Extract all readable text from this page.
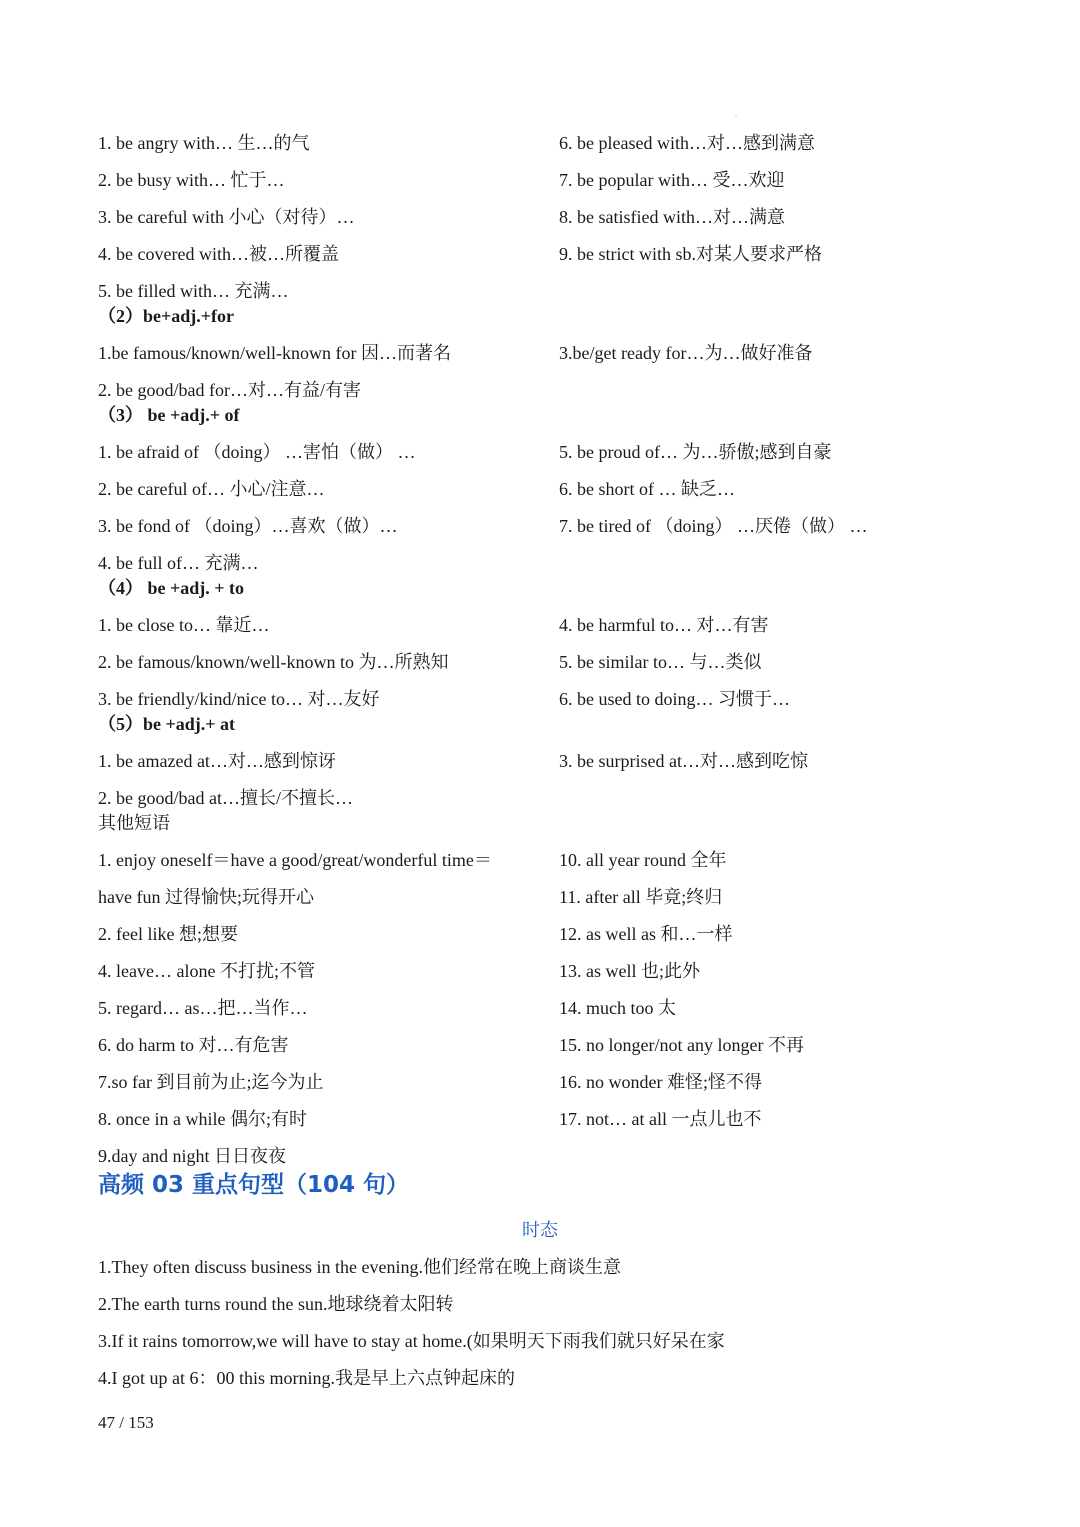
1. be angry with… 生…的气
2. be busy with… 忙于…
3. be careful with 小心（对待）…
4. be covered with…被…所覆盖
5. be filled with… 充满…
6. be pleased with…对…感到满意
7. be popular with… 受…欢迎
8. be satisfied with…对…满意
9. be strict with sb.对某人要求严格
（2）be+adj.+for
1.be famous/known/well-known for 因…而著名
2. be good/bad for…对…有益/有害
3.be/get ready for…为…做好准备
（3） be +adj.+ of
1. be afraid of （doing） …害怕（做） …
2. be careful of… 小心/注意…
3. be fond of （doing）…喜欢（做）…
4. be full of… 充满…
5. be proud of… 为…骄傲;感到自豪
6. be short of … 缺乏…
7. be tired of （doing） …厌倦（做） …
（4） be +adj. + to
1. be close to… 靠近…
2. be famous/known/well-known to 为…所熟知
3. be friendly/kind/nice to… 对…友好
4. be harmful to… 对…有害
5. be similar to… 与…类似
6. be used to doing… 习惯于…
（5）be +adj.+ at
1. be amazed at…对…感到惊讶
2. be good/bad at…擅长/不擅长…
3. be surprised at…对…感到吃惊
其他短语
1. enjoy oneself＝have a good/great/wonderful time＝
have fun 过得愉快;玩得开心
2. feel like 想;想要
4. leave… alone 不打扰;不管
5. regard… as…把…当作…
6. do harm to 对…有危害
7.so far 到目前为止;迄今为止
8. once in a while 偶尔;有时
9.day and night 日日夜夜
10. all year round 全年
11. after all 毕竟;终归
12. as well as 和…一样
13. as well 也;此外
14. much too 太
15. no longer/not any longer 不再
16. no wonder 难怪;怪不得
17. not… at all 一点儿也不
高频 03 重点句型（104 句）
时态
1.They often discuss business in the evening.他们经常在晚上商谈生意
2.The earth turns round the sun.地球绕着太阳转
3.If it rains tomorrow,we will have to stay at home.(如果明天下雨我们就只好呆在家
4.I got up at 6：00 this morning.我是早上六点钟起床的
47 / 153
